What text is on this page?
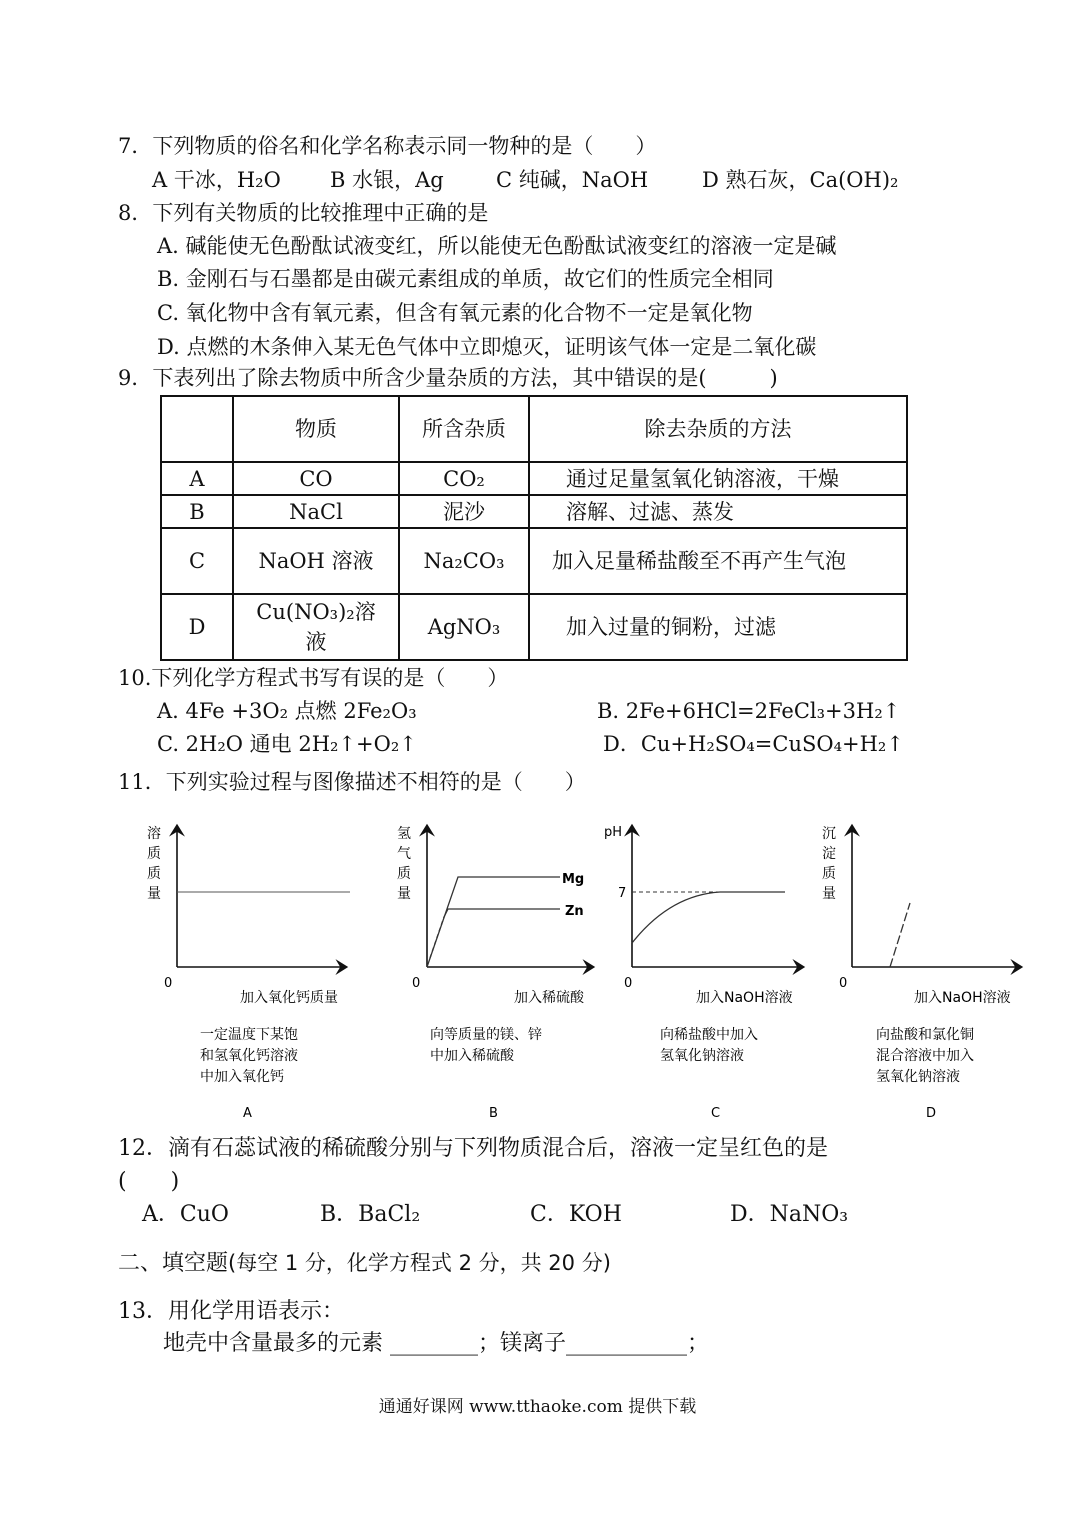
7．下列物质的俗名和化学名称表示同一物种的是（　　）
A 干冰，H₂O B 水银，Ag C 纯碱，NaOH	D 熟石灰，Ca(OH)₂
8．下列有关物质的比较推理中正确的是
A. 碱能使无色酚酞试液变红，所以能使无色酚酞试液变红的溶液一定是碱
B. 金刚石与石墨都是由碳元素组成的单质，故它们的性质完全相同
C. 氧化物中含有氧元素，但含有氧元素的化合物不一定是氧化物
D. 点燃的木条伸入某无色气体中立即熄灭，证明该气体一定是二氧化碳
9．下表列出了除去物质中所含少量杂质的方法，其中错误的是(　　　)
	物质	所含杂质	除去杂质的方法
A	CO	CO₂	通过足量氢氧化钠溶液，干燥
B	NaCl	泥沙	溶解、过滤、蒸发
C	NaOH 溶液	Na₂CO₃	加入足量稀盐酸至不再产生气泡
D	Cu(NO₃)₂溶液	AgNO₃	加入过量的铜粉，过滤
10.下列化学方程式书写有误的是（　　）
A. 4Fe +3O₂ 点燃 2Fe₂O₃	B. 2Fe+6HCl=2FeCl₃+3H₂↑
C. 2H₂O 通电 2H₂↑+O₂↑	D．Cu+H₂SO₄=CuSO₄+H₂↑
11．下列实验过程与图像描述不相符的是（　　）
0
加入氧化钙质量
一定温度下某饱
和氢氧化钙溶液
中加入氧化钙
A
Mg
Zn
0
加入稀硫酸
向等质量的镁、锌
中加入稀硫酸
B
pH
7
0
加入NaOH溶液
向稀盐酸中加入
氢氧化钠溶液
C
0
加入NaOH溶液
向盐酸和氯化铜
混合溶液中加入
氢氧化钠溶液
D
溶质质量
氢气质量
沉淀质量
12．滴有石蕊试液的稀硫酸分别与下列物质混合后，溶液一定呈红色的是
(　　)
A．CuO	B．BaCl₂	C．KOH	D．NaNO₃
二、填空题(每空 1 分，化学方程式 2 分，共 20 分)
13．用化学用语表示：
地壳中含量最多的元素 ________；镁离子___________；
通通好课网 www.tthaoke.com 提供下载
